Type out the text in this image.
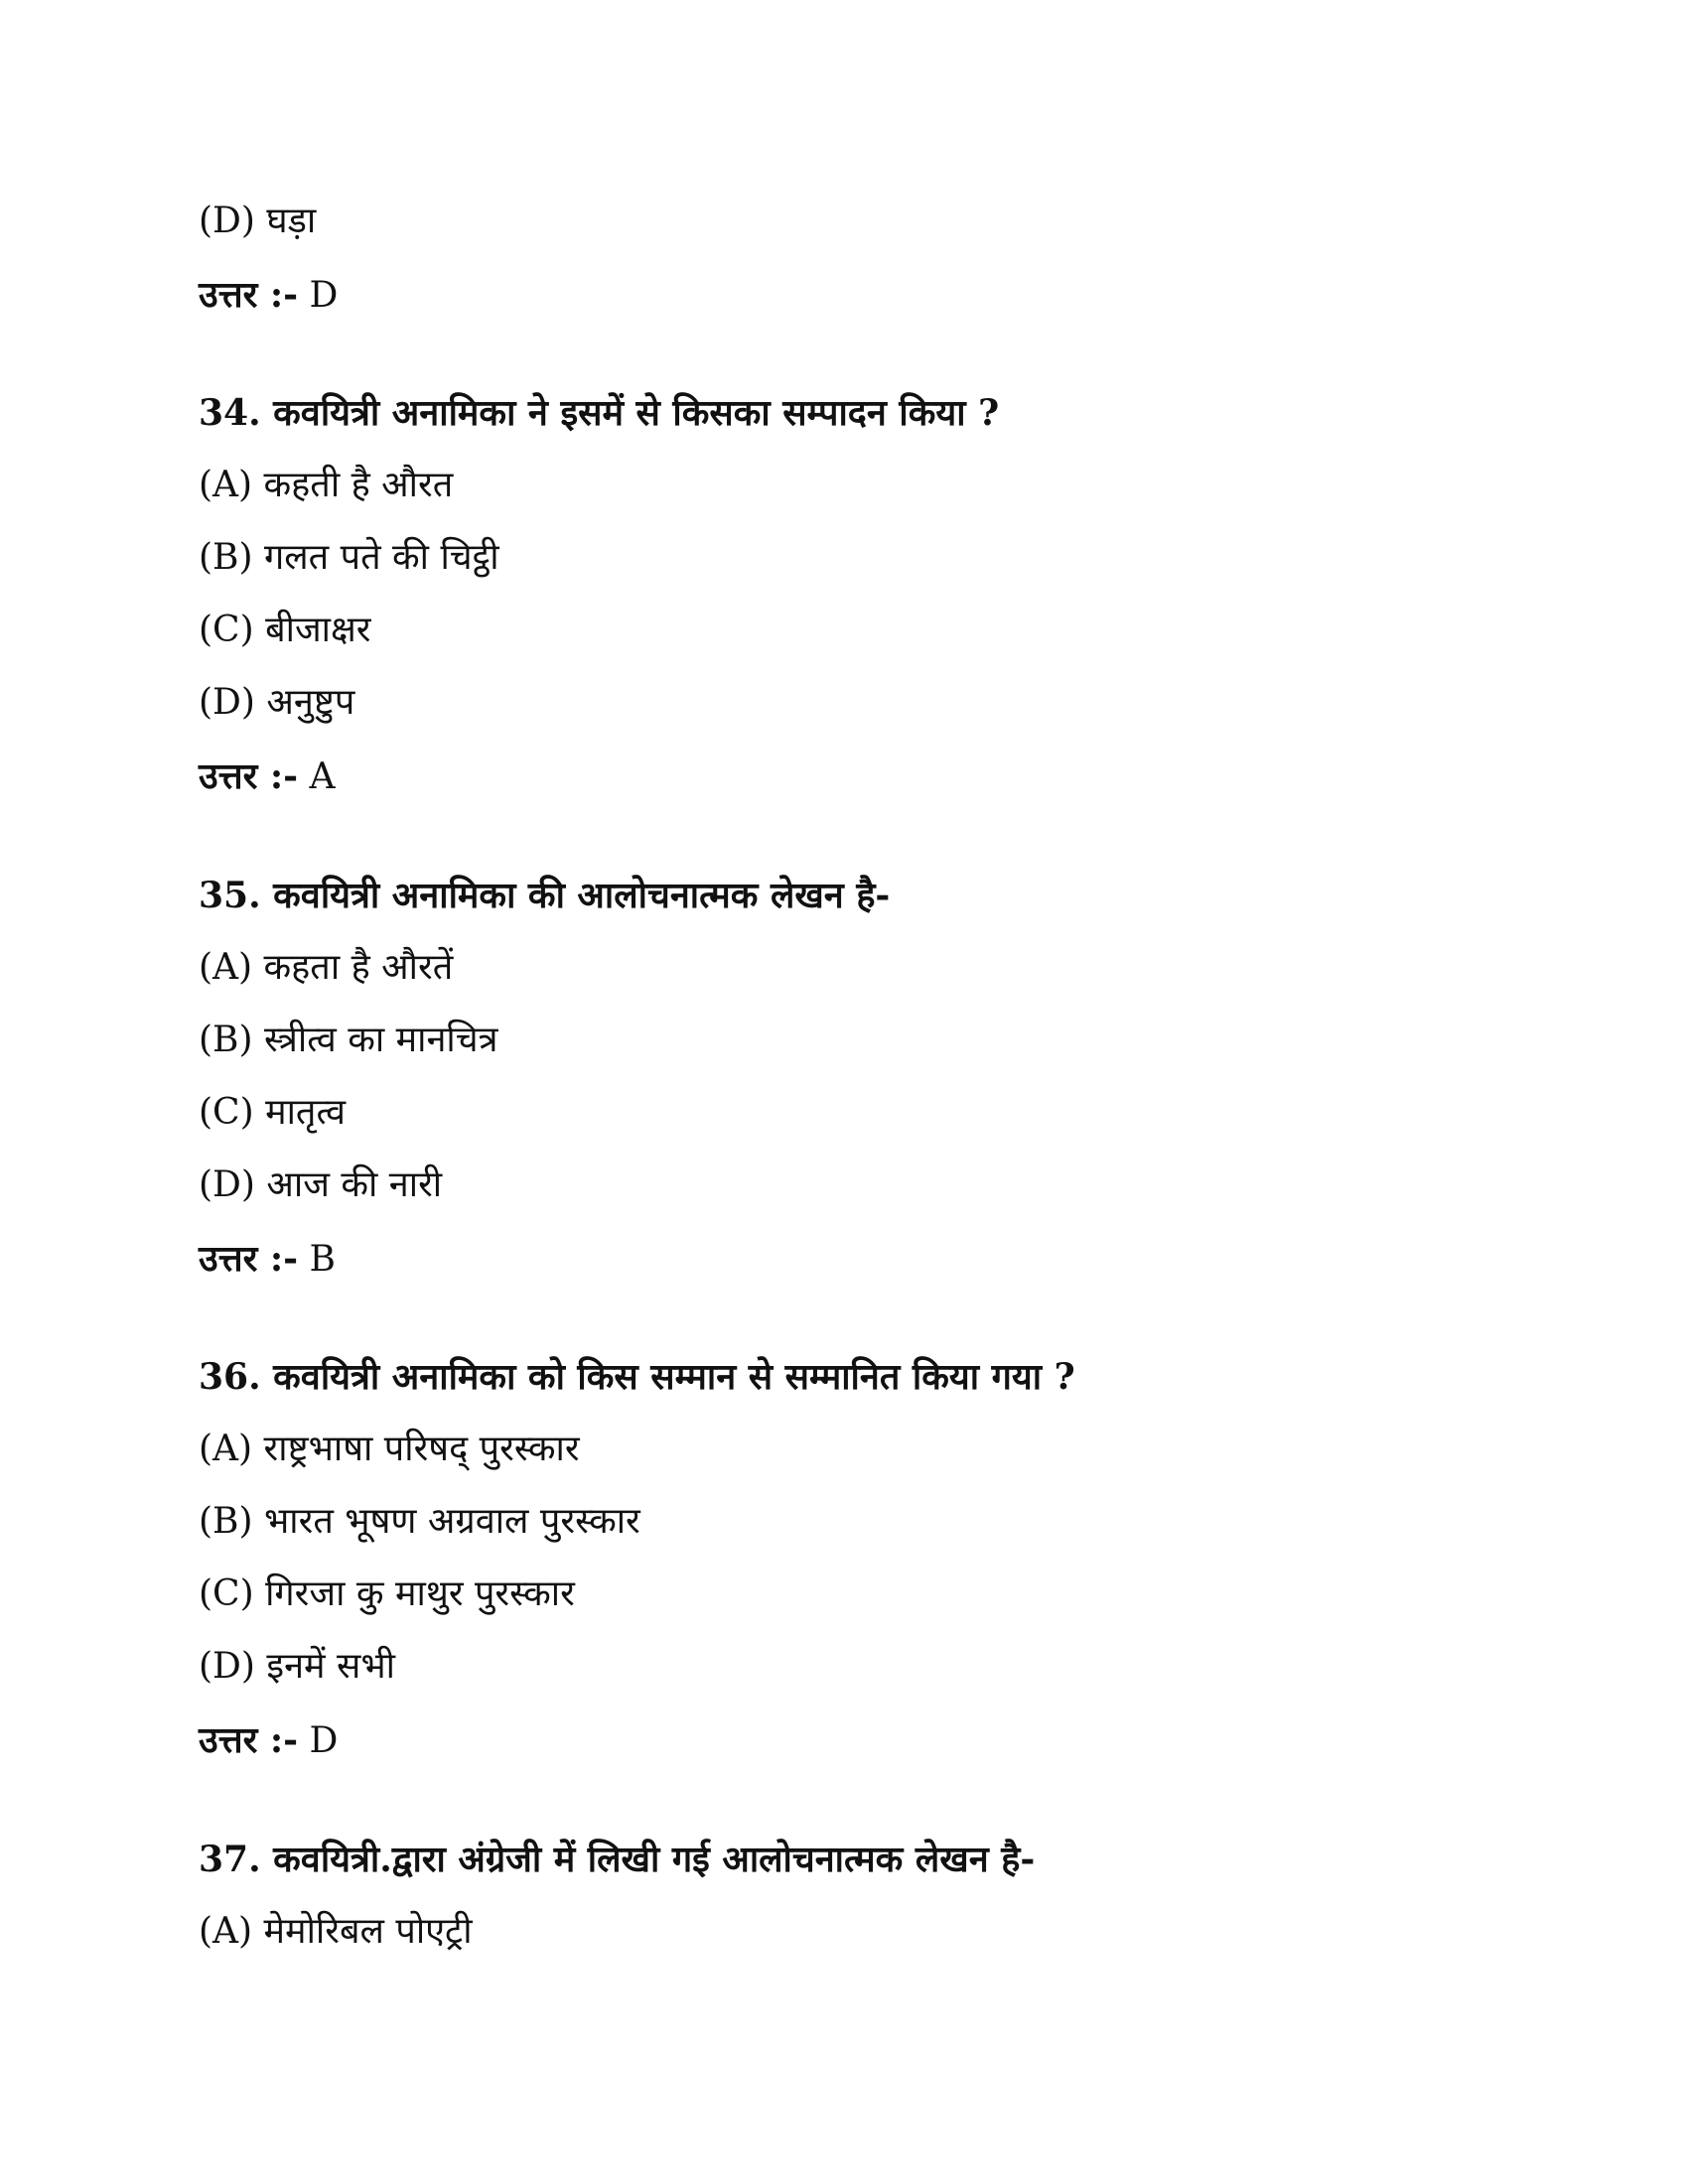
(D) घड़ा
उत्तर :- D
34. कवयित्री अनामिका ने इसमें से किसका सम्पादन किया ?
(A) कहती है औरत
(B) गलत पते की चिट्ठी
(C) बीजाक्षर
(D) अनुष्टुप
उत्तर :- A
35. कवयित्री अनामिका की आलोचनात्मक लेखन है-
(A) कहता है औरतें
(B) स्त्रीत्व का मानचित्र
(C) मातृत्व
(D) आज की नारी
उत्तर :- B
36. कवयित्री अनामिका को किस सम्मान से सम्मानित किया गया ?
(A) राष्ट्रभाषा परिषद् पुरस्कार
(B) भारत भूषण अग्रवाल पुरस्कार
(C) गिरजा कु माथुर पुरस्कार
(D) इनमें सभी
उत्तर :- D
37. कवयित्री.द्वारा अंग्रेजी में लिखी गई आलोचनात्मक लेखन है-
(A) मेमोरिबल पोएट्री
